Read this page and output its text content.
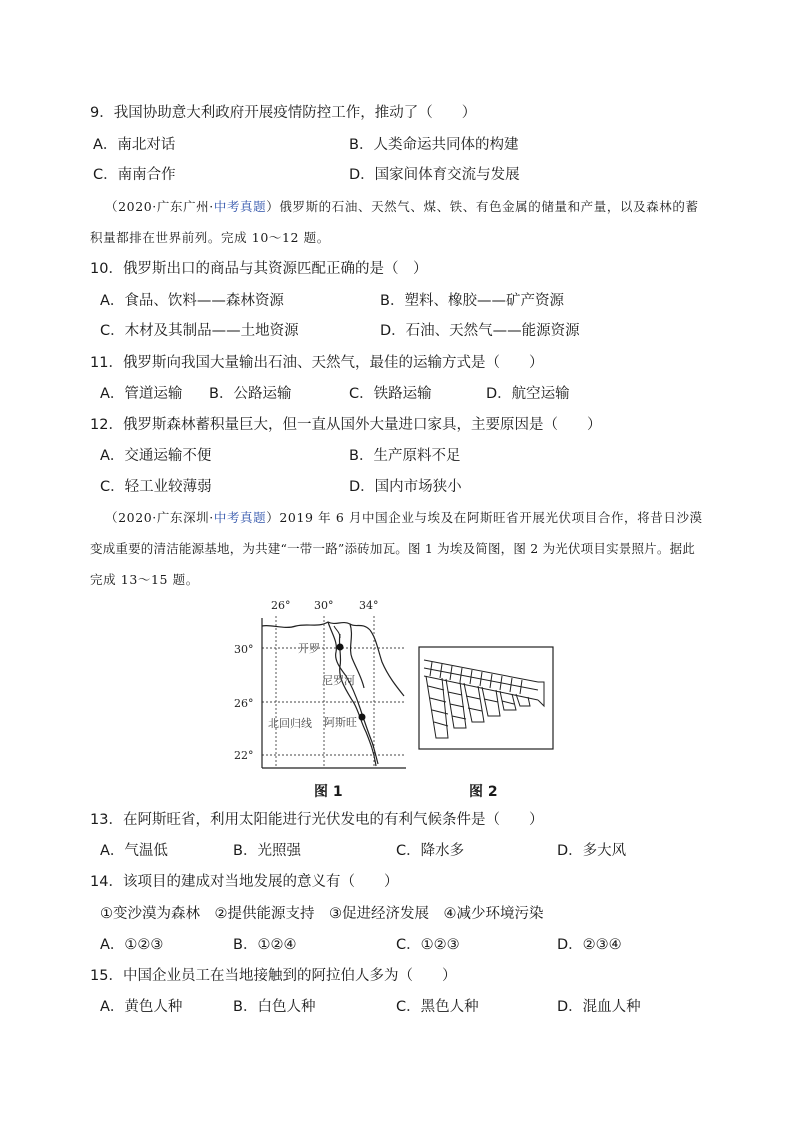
9．我国协助意大利政府开展疫情防控工作，推动了（　　）
A．南北对话	B．人类命运共同体的构建
C．南南合作	D．国家间体育交流与发展
（2020·广东广州·中考真题）俄罗斯的石油、天然气、煤、铁、有色金属的储量和产量，以及森林的蓄
积量都排在世界前列。完成 10～12 题。
10．俄罗斯出口的商品与其资源匹配正确的是（　）
A．食品、饮料——森林资源	B．塑料、橡胶——矿产资源
C．木材及其制品——土地资源	D．石油、天然气——能源资源
11．俄罗斯向我国大量输出石油、天然气，最佳的运输方式是（　　）
A．管道运输 B．公路运输	C．铁路运输	D．航空运输
12．俄罗斯森林蓄积量巨大，但一直从国外大量进口家具，主要原因是（　　）
A．交通运输不便	B．生产原料不足
C．轻工业较薄弱	D．国内市场狭小
（2020·广东深圳·中考真题）2019 年 6 月中国企业与埃及在阿斯旺省开展光伏项目合作，将昔日沙漠
变成重要的清洁能源基地，为共建“一带一路”添砖加瓦。图 1 为埃及简图，图 2 为光伏项目实景照片。据此
完成 13～15 题。
26° 30° 34°
30°
26°
22°
开罗
尼罗河
北回归线 阿斯旺
图 1	图 2
13．在阿斯旺省，利用太阳能进行光伏发电的有利气候条件是（　　）
A．气温低	B．光照强	C．降水多	D．多大风
14．该项目的建成对当地发展的意义有（　　）
①变沙漠为森林　②提供能源支持　③促进经济发展　④减少环境污染
A．①②③	B．①②④	C．①②③	D．②③④
15．中国企业员工在当地接触到的阿拉伯人多为（　　）
A．黄色人种	B．白色人种	C．黑色人种	D．混血人种
